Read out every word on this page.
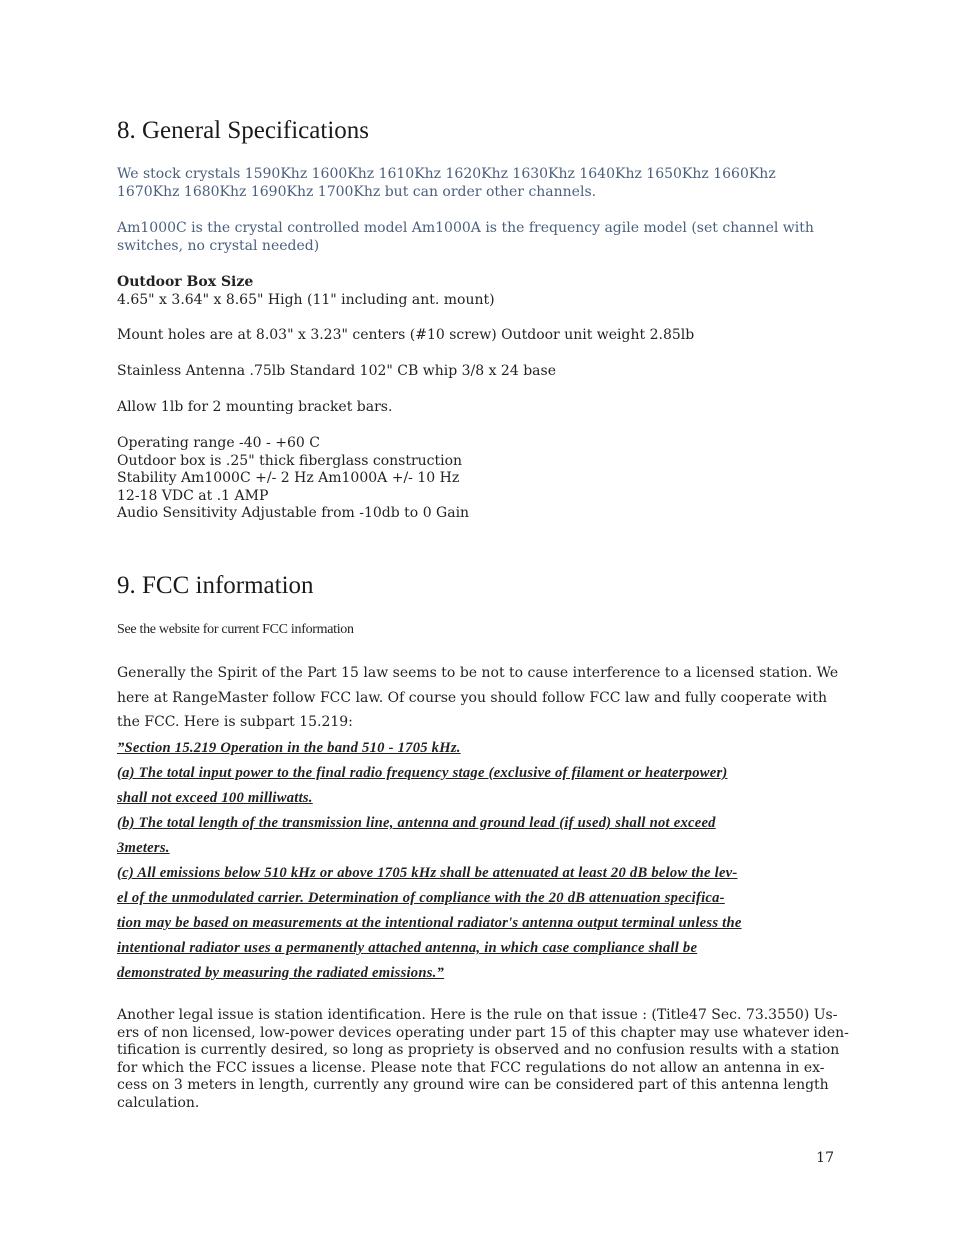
8. General Specifications
We stock crystals 1590Khz 1600Khz 1610Khz 1620Khz 1630Khz 1640Khz 1650Khz 1660Khz
1670Khz 1680Khz 1690Khz 1700Khz but can order other channels.
Am1000C is the crystal controlled model Am1000A is the frequency agile model (set channel with
switches, no crystal needed)
Outdoor Box Size
4.65" x 3.64" x 8.65" High (11" including ant. mount)
Mount holes are at 8.03" x 3.23" centers (#10 screw) Outdoor unit weight 2.85lb
Stainless Antenna .75lb Standard 102" CB whip 3/8 x 24 base
Allow 1lb for 2 mounting bracket bars.
Operating range -40 - +60 C
Outdoor box is .25" thick fiberglass construction
Stability Am1000C +/- 2 Hz Am1000A +/- 10 Hz
12-18 VDC at .1 AMP
Audio Sensitivity Adjustable from -10db to 0 Gain
9. FCC information
See the website for current FCC information
Generally the Spirit of the Part 15 law seems to be not to cause interference to a licensed station. We
here at RangeMaster follow FCC law. Of course you should follow FCC law and fully cooperate with
the FCC. Here is subpart 15.219:
”Section 15.219 Operation in the band 510 - 1705 kHz.
(a) The total input power to the final radio frequency stage (exclusive of filament or heaterpower)
shall not exceed 100 milliwatts.
(b) The total length of the transmission line, antenna and ground lead (if used) shall not exceed
3meters.
(c) All emissions below 510 kHz or above 1705 kHz shall be attenuated at least 20 dB below the lev-
el of the unmodulated carrier. Determination of compliance with the 20 dB attenuation specifica-
tion may be based on measurements at the intentional radiator's antenna output terminal unless the
intentional radiator uses a permanently attached antenna, in which case compliance shall be
demonstrated by measuring the radiated emissions.”
Another legal issue is station identification. Here is the rule on that issue : (Title47 Sec. 73.3550) Us-
ers of non licensed, low-power devices operating under part 15 of this chapter may use whatever iden-
tification is currently desired, so long as propriety is observed and no confusion results with a station
for which the FCC issues a license. Please note that FCC regulations do not allow an antenna in ex-
cess on 3 meters in length, currently any ground wire can be considered part of this antenna length
calculation.
17
